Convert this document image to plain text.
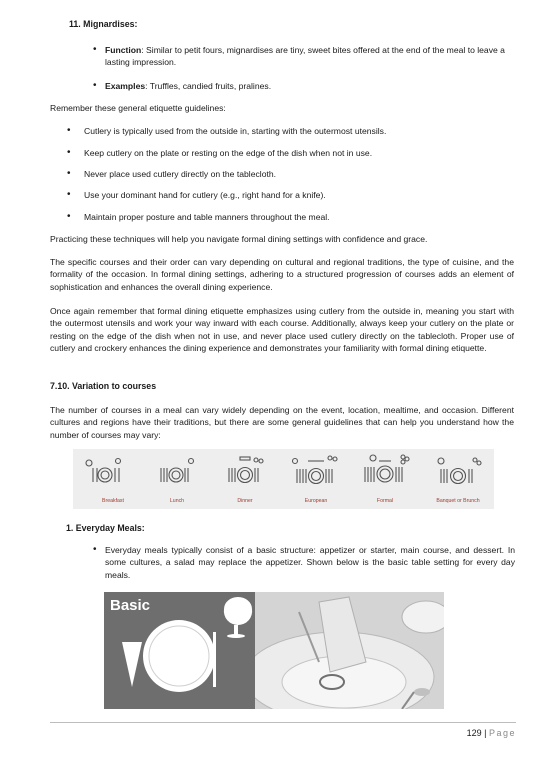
11. Mignardises:
• Function: Similar to petit fours, mignardises are tiny, sweet bites offered at the end of the meal to leave a lasting impression.
• Examples: Truffles, candied fruits, pralines.
Remember these general etiquette guidelines:
• Cutlery is typically used from the outside in, starting with the outermost utensils.
• Keep cutlery on the plate or resting on the edge of the dish when not in use.
• Never place used cutlery directly on the tablecloth.
• Use your dominant hand for cutlery (e.g., right hand for a knife).
• Maintain proper posture and table manners throughout the meal.
Practicing these techniques will help you navigate formal dining settings with confidence and grace.
The specific courses and their order can vary depending on cultural and regional traditions, the type of cuisine, and the formality of the occasion. In formal dining settings, adhering to a structured progression of courses adds an element of sophistication and enhances the overall dining experience.
Once again remember that formal dining etiquette emphasizes using cutlery from the outside in, meaning you start with the outermost utensils and work your way inward with each course. Additionally, always keep your cutlery on the plate or resting on the edge of the dish when not in use, and never place used cutlery directly on the tablecloth. Proper use of cutlery and crockery enhances the dining experience and demonstrates your familiarity with formal dining etiquette.
7.10. Variation to courses
The number of courses in a meal can vary widely depending on the event, location, mealtime, and occasion. Different cultures and regions have their traditions, but there are some general guidelines that can help you understand how the number of courses may vary:
Breakfast	Lunch	Dinner	European	Formal	Banquet or Brunch
1. Everyday Meals:
• Everyday meals typically consist of a basic structure: appetizer or starter, main course, and dessert. In some cultures, a salad may replace the appetizer. Shown below is the basic table setting for every day meals.
Basic
129 | Page
